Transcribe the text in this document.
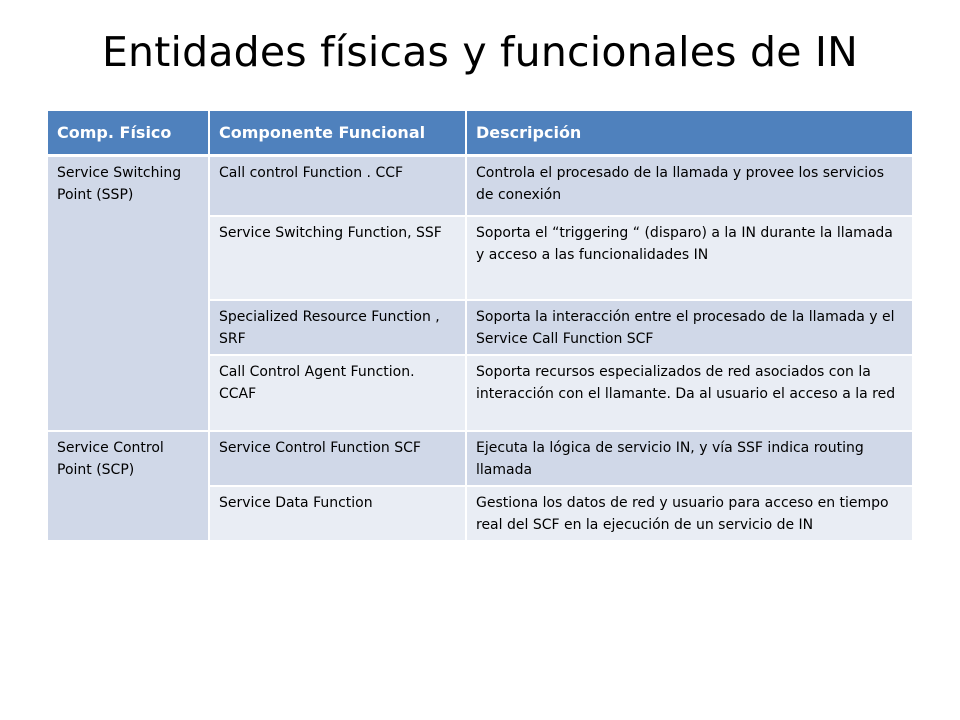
Entidades físicas y funcionales de IN
Comp. Físico	Componente Funcional	Descripción
Service Switching Point (SSP)	Call control Function . CCF	Controla el procesado de la llamada y provee los servicios de conexión
	Service Switching Function, SSF	Soporta el “triggering “ (disparo) a la IN durante la llamada y acceso a las funcionalidades IN
	Specialized Resource Function , SRF	Soporta la interacción entre el procesado de la llamada y el Service Call Function SCF
	Call Control Agent Function. CCAF	Soporta recursos especializados de red asociados con la interacción con el llamante. Da al usuario el acceso a la red
Service Control Point (SCP)	Service Control Function SCF	Ejecuta la lógica de servicio IN, y vía SSF indica routing llamada
	Service Data Function	Gestiona los datos de red y usuario para acceso en tiempo real del SCF en la ejecución de un servicio de IN
